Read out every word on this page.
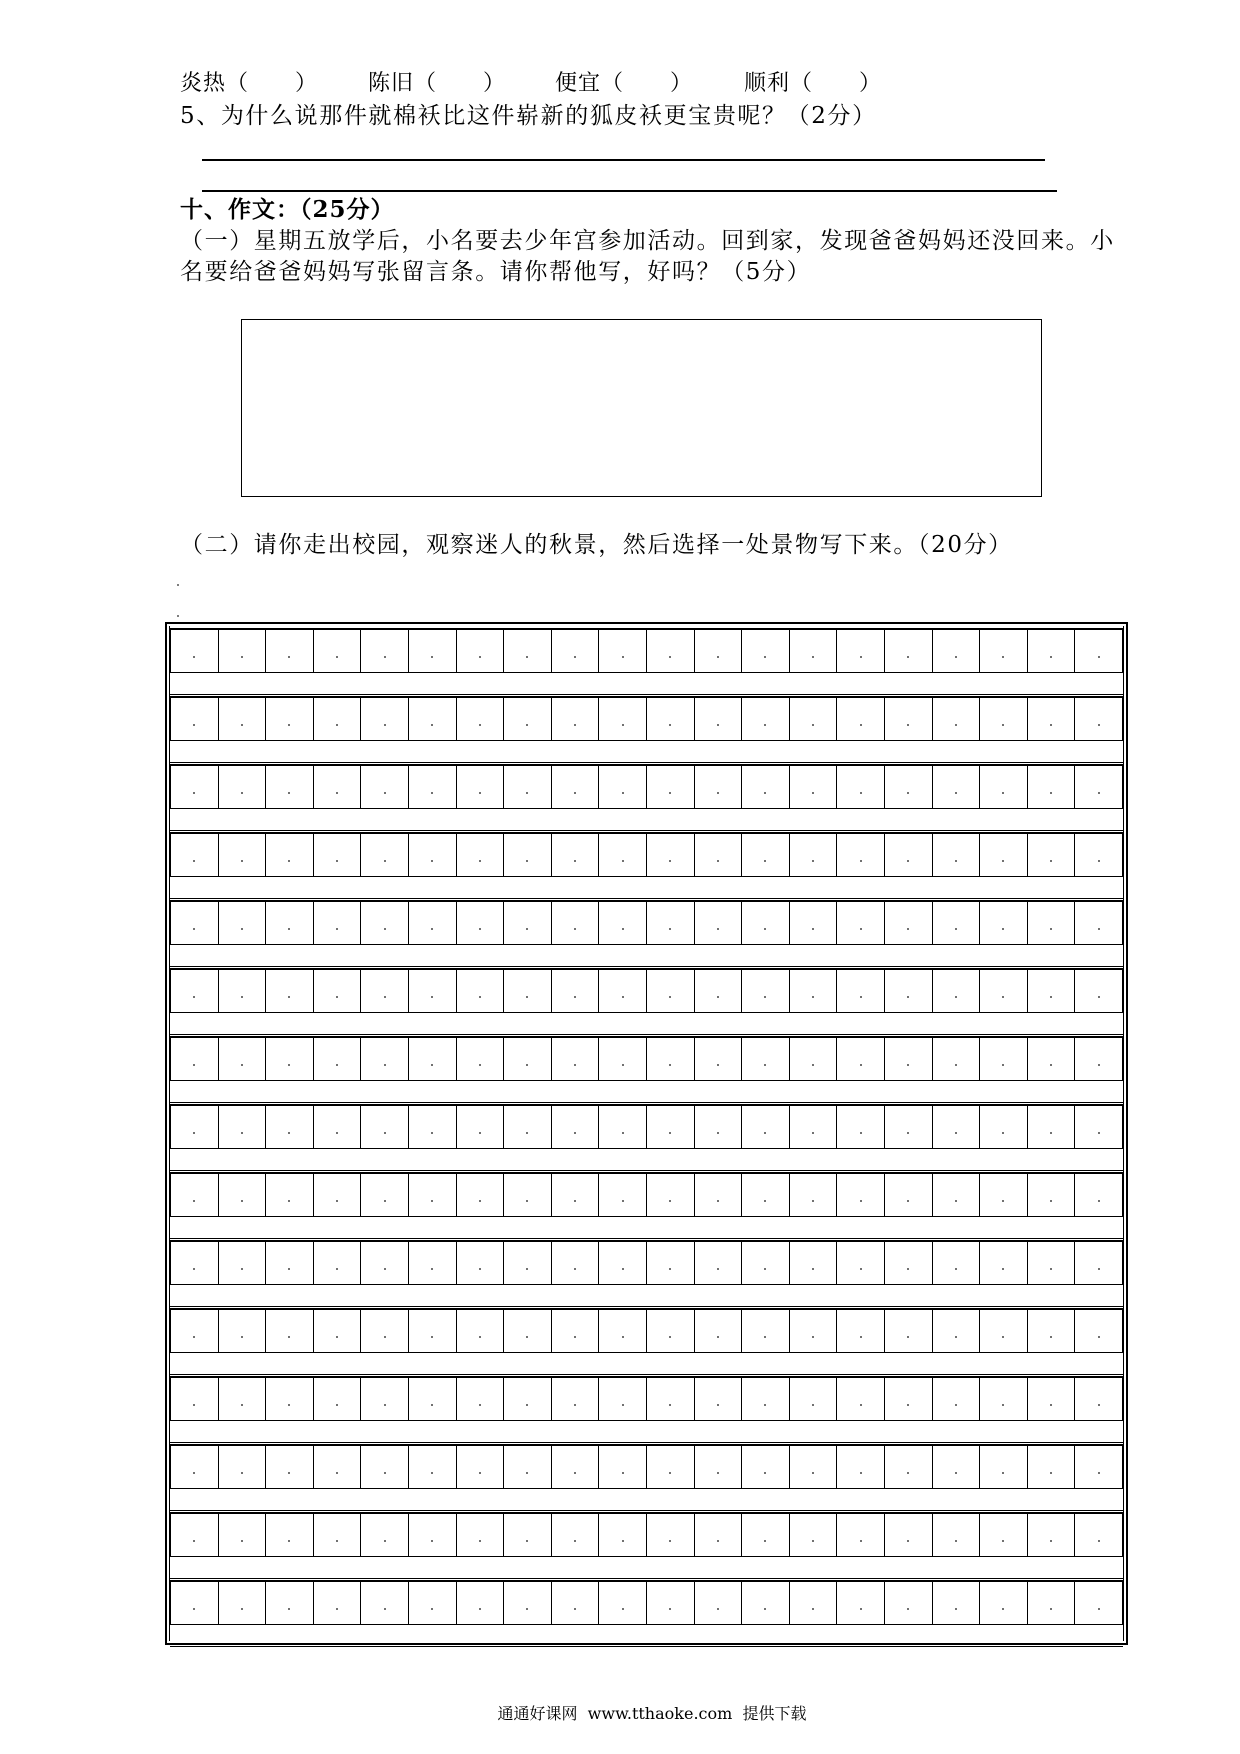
炎热（　　） 陈旧（　　） 便宜（　　） 顺利（　　）
5、为什么说那件就棉袄比这件崭新的狐皮袄更宝贵呢？（2分）
十、作文：（25分）
（一）星期五放学后，小名要去少年宫参加活动。回到家，发现爸爸妈妈还没回来。小
名要给爸爸妈妈写张留言条。请你帮他写，好吗？（5分）
（二）请你走出校园，观察迷人的秋景，然后选择一处景物写下来。（20分）
通通好课网  www.tthaoke.com  提供下载
